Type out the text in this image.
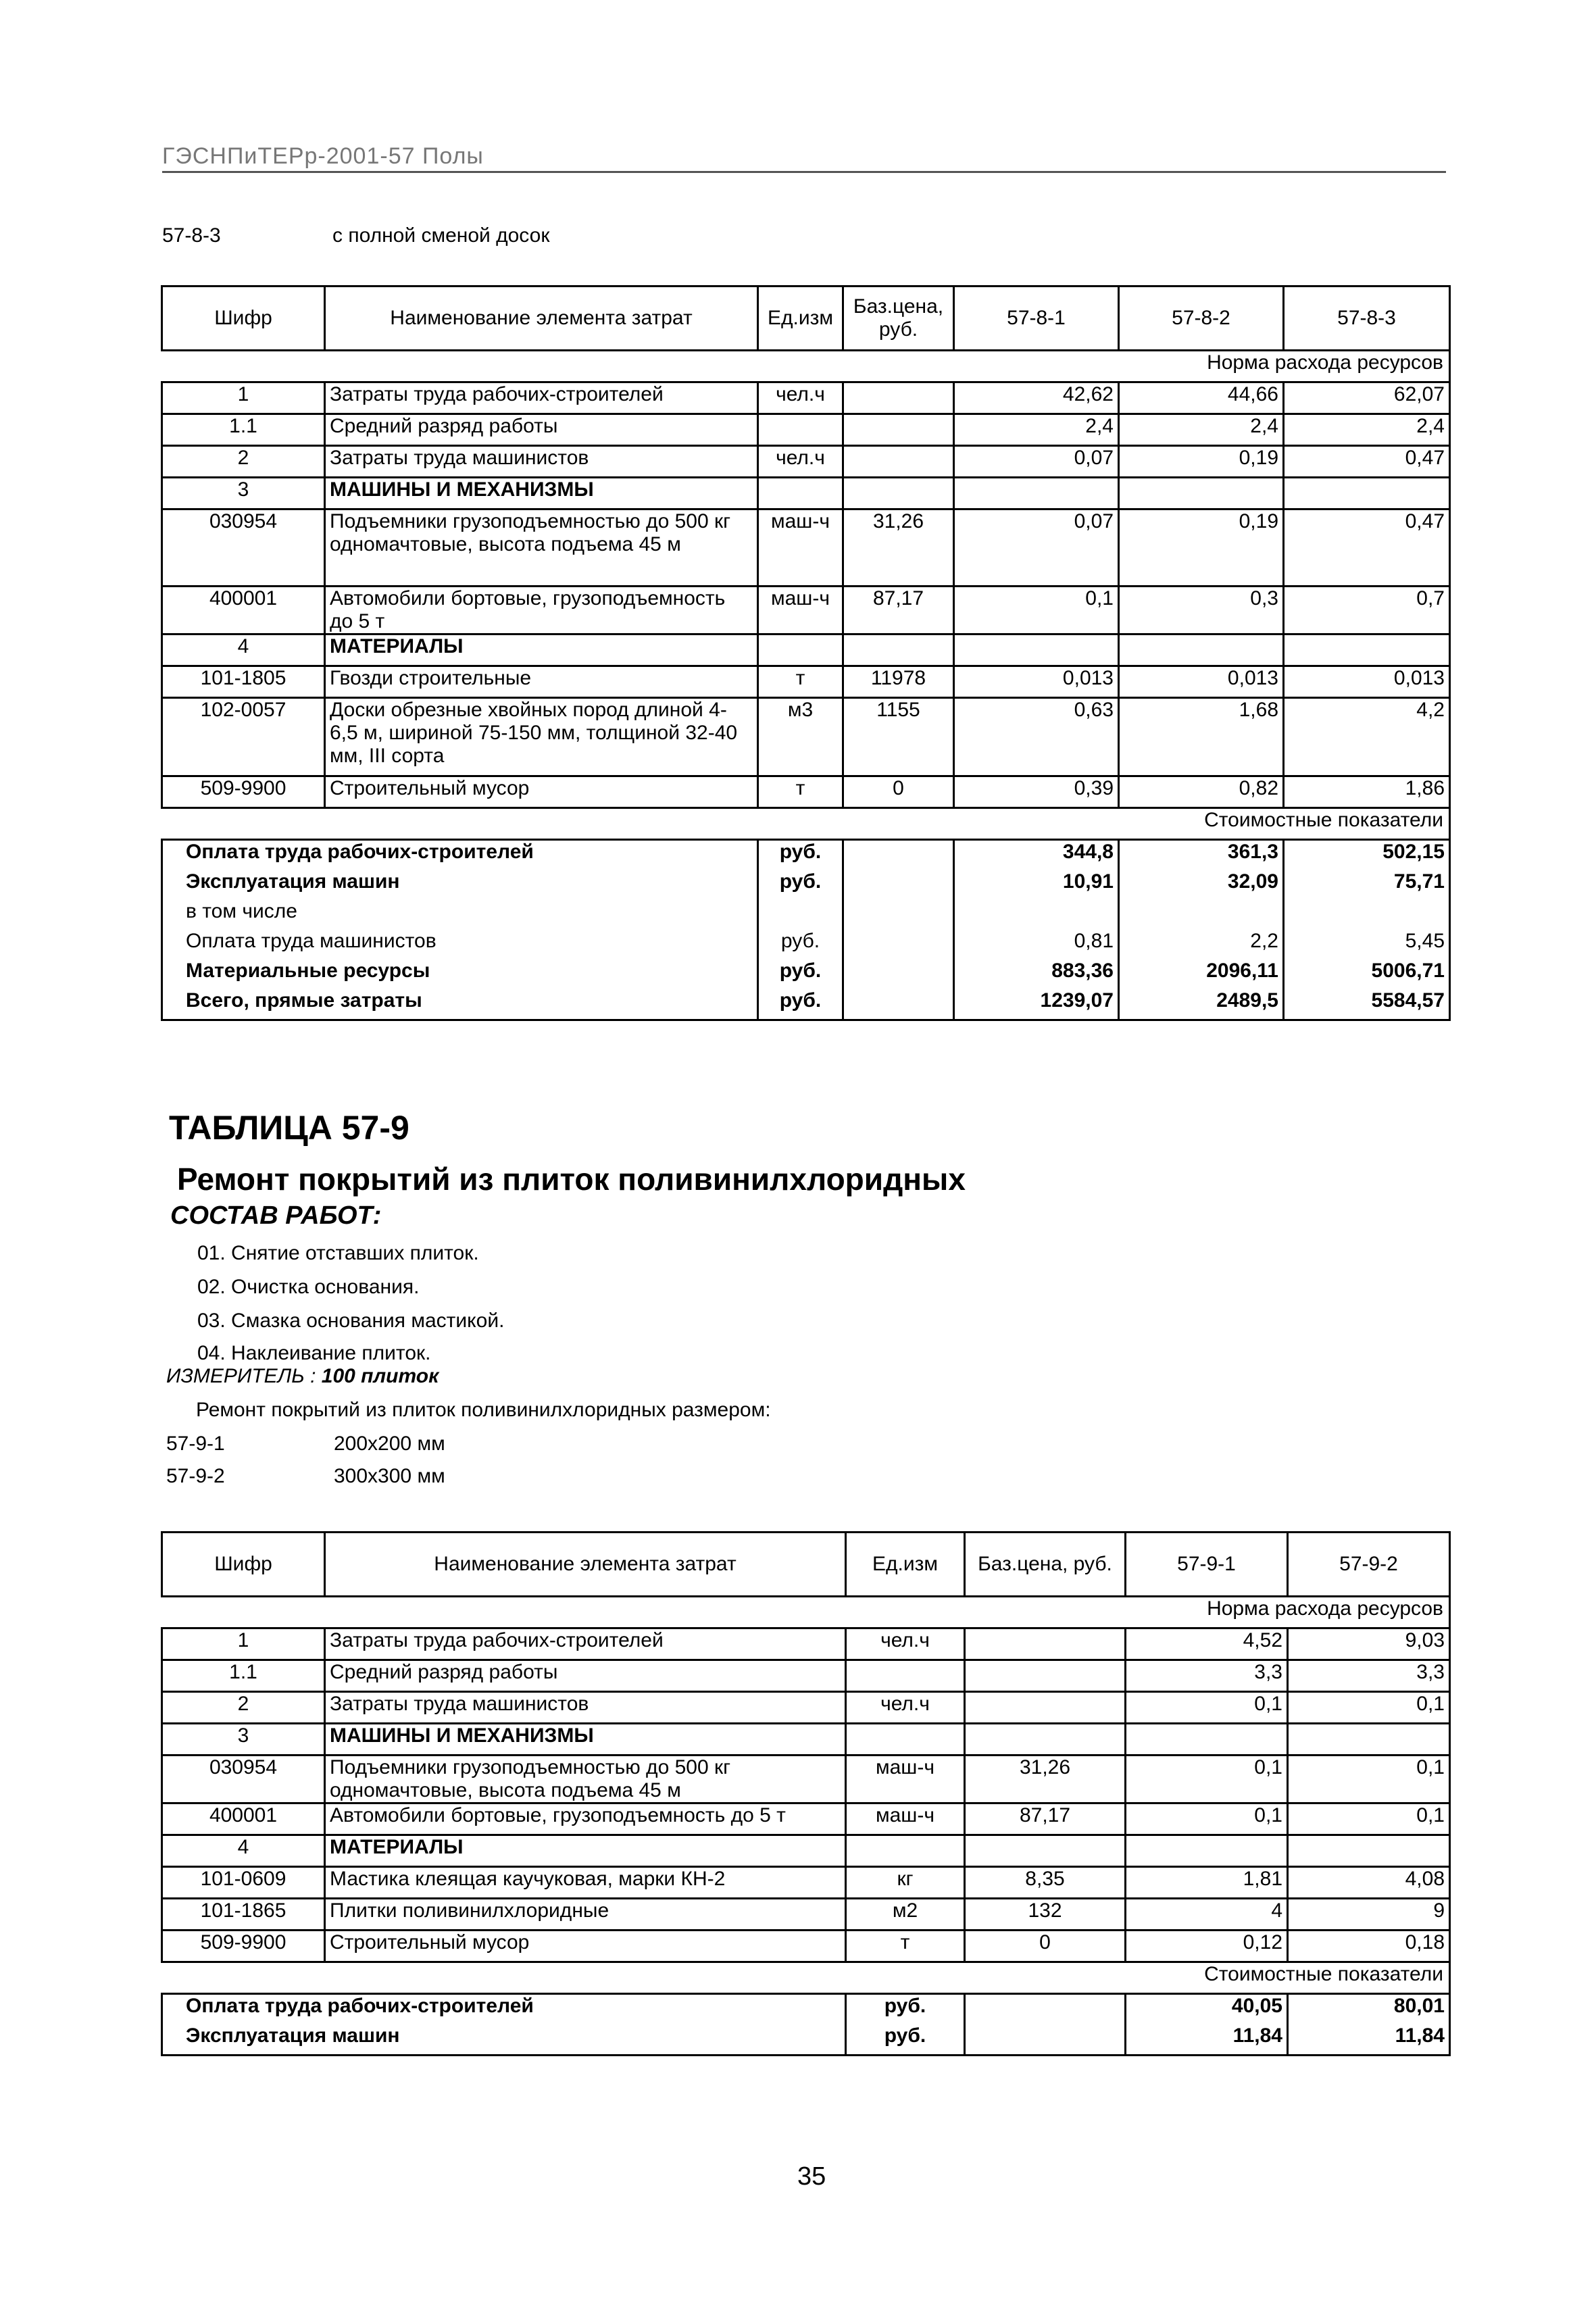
ГЭСНПиТЕРр-2001-57 Полы
57-8-3	с полной сменой досок
Шифр	Наименование элемента затрат	Ед.изм	Баз.цена, руб.	57-8-1	57-8-2	57-8-3
Норма расхода ресурсов						
1	Затраты труда рабочих-строителей	чел.ч		42,62	44,66	62,07
1.1	Средний разряд работы			2,4	2,4	2,4
2	Затраты труда машинистов	чел.ч		0,07	0,19	0,47
3	МАШИНЫ И МЕХАНИЗМЫ					
030954	Подъемники грузоподъемностью до 500 кг одномачтовые, высота подъема 45 м	маш-ч	31,26	0,07	0,19	0,47
400001	Автомобили бортовые, грузоподъемность до 5 т	маш-ч	87,17	0,1	0,3	0,7
4	МАТЕРИАЛЫ					
101-1805	Гвозди строительные	т	11978	0,013	0,013	0,013
102-0057	Доски обрезные хвойных пород длиной 4-6,5 м, шириной 75-150 мм, толщиной 32-40 мм, III сорта	м3	1155	0,63	1,68	4,2
509-9900	Строительный мусор	т	0	0,39	0,82	1,86
Стоимостные показатели						
Оплата труда рабочих-строителей		руб.		344,8	361,3	502,15
Эксплуатация машин		руб.		10,91	32,09	75,71
в том числе						
Оплата труда машинистов		руб.		0,81	2,2	5,45
Материальные ресурсы		руб.		883,36	2096,11	5006,71
Всего, прямые затраты		руб.		1239,07	2489,5	5584,57
ТАБЛИЦА 57-9
Ремонт покрытий из плиток поливинилхлоридных
СОСТАВ РАБОТ:
01. Снятие отставших плиток.
02. Очистка основания.
03. Смазка основания мастикой.
04. Наклеивание плиток.
ИЗМЕРИТЕЛЬ : 100 плиток
Ремонт покрытий из плиток поливинилхлоридных размером:
57-9-1	200х200 мм
57-9-2	300х300 мм
Шифр	Наименование элемента затрат	Ед.изм	Баз.цена, руб.	57-9-1	57-9-2
Норма расхода ресурсов					
1	Затраты труда рабочих-строителей	чел.ч		4,52	9,03
1.1	Средний разряд работы			3,3	3,3
2	Затраты труда машинистов	чел.ч		0,1	0,1
3	МАШИНЫ И МЕХАНИЗМЫ				
030954	Подъемники грузоподъемностью до 500 кг одномачтовые, высота подъема 45 м	маш-ч	31,26	0,1	0,1
400001	Автомобили бортовые, грузоподъемность до 5 т	маш-ч	87,17	0,1	0,1
4	МАТЕРИАЛЫ				
101-0609	Мастика клеящая каучуковая, марки КН-2	кг	8,35	1,81	4,08
101-1865	Плитки поливинилхлоридные	м2	132	4	9
509-9900	Строительный мусор	т	0	0,12	0,18
Стоимостные показатели					
Оплата труда рабочих-строителей		руб.		40,05	80,01
Эксплуатация машин		руб.		11,84	11,84
35
